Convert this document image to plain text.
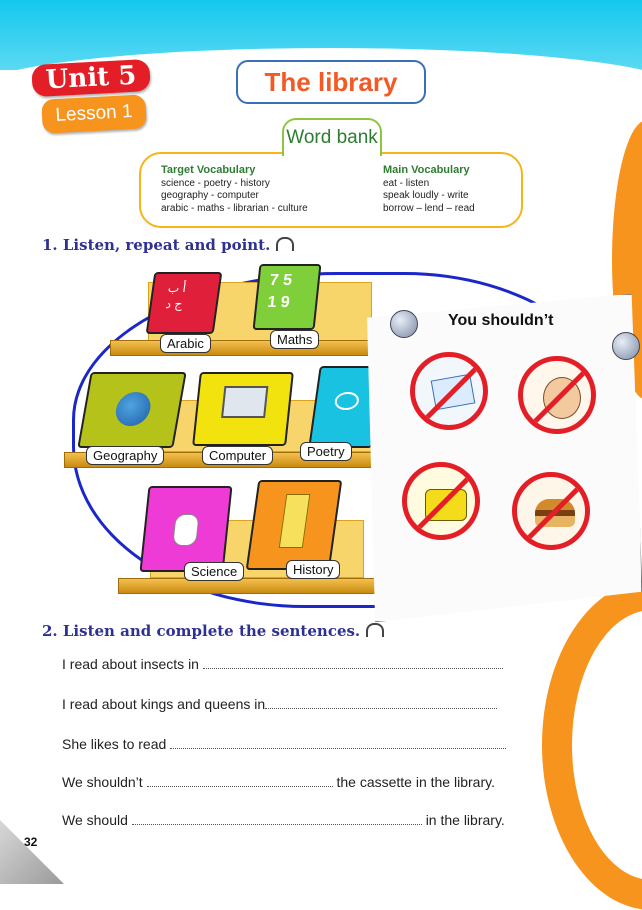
Unit 5
Lesson 1
The library
Word bank
Target Vocabulary
science - poetry - history
geography - computer
arabic - maths - librarian - culture
Main Vocabulary
eat - listen
speak loudly - write
borrow – lend – read
1. Listen, repeat and point.
أ ب
ج د
7 5
1 9
Arabic	Maths
Geography	Computer	Poetry
Science	History
You shouldn’t
2. Listen and complete the sentences.
I read about insects in
I read about kings and queens in
She likes to read
We shouldn’t	the cassette in the library.
We should	in the library.
32
